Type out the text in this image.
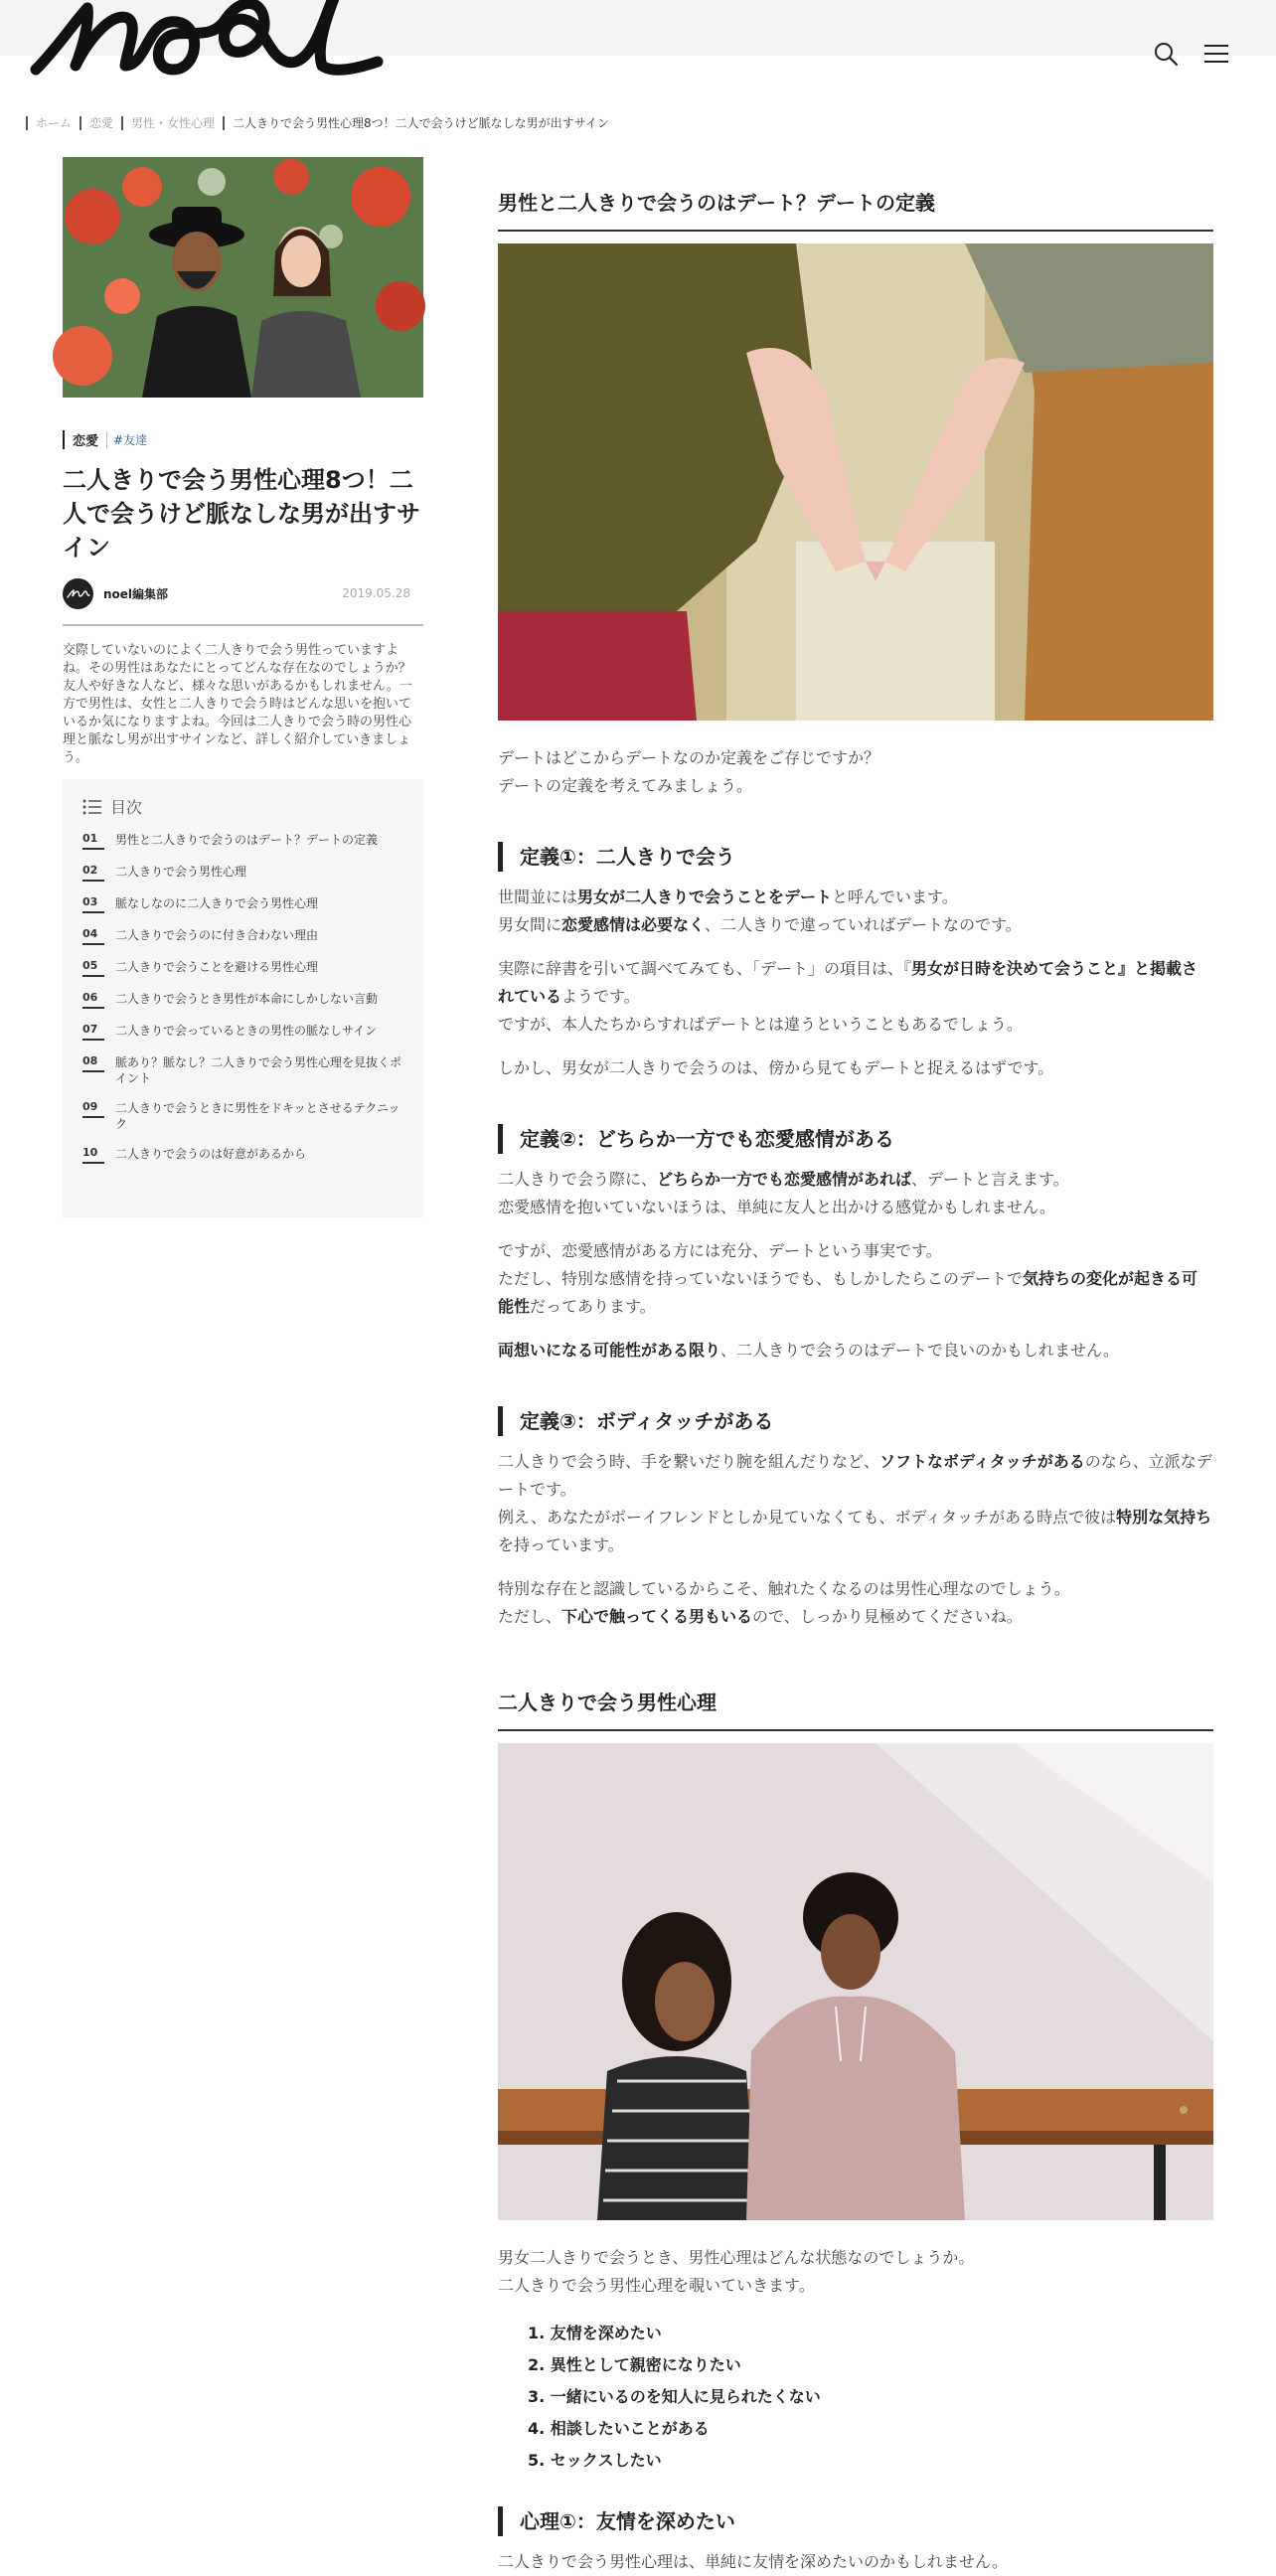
ホーム	恋愛	男性・女性心理	二人きりで会う男性心理8つ！二人で会うけど脈なしな男が出すサイン
恋愛	#友達
二人きりで会う男性心理8つ！二人で会うけど脈なしな男が出すサイン
noel編集部	2019.05.28

交際していないのによく二人きりで会う男性っていますよね。その男性はあなたにとってどんな存在なのでしょうか？友人や好きな人など、様々な思いがあるかもしれません。一方で男性は、女性と二人きりで会う時はどんな思いを抱いているか気になりますよね。今回は二人きりで会う時の男性心理と脈なし男が出すサインなど、詳しく紹介していきましょう。

目次
01	男性と二人きりで会うのはデート？デートの定義
02	二人きりで会う男性心理
03	脈なしなのに二人きりで会う男性心理
04	二人きりで会うのに付き合わない理由
05	二人きりで会うことを避ける男性心理
06	二人きりで会うとき男性が本命にしかしない言動
07	二人きりで会っているときの男性の脈なしサイン
08	脈あり？脈なし？二人きりで会う男性心理を見抜くポイント
09	二人きりで会うときに男性をドキッとさせるテクニック
10	二人きりで会うのは好意があるから
男性と二人きりで会うのはデート？デートの定義

デートはどこからデートなのか定義をご存じですか？

デートの定義を考えてみましょう。

定義①：二人きりで会う

世間並には男女が二人きりで会うことをデートと呼んでいます。

男女間に恋愛感情は必要なく、二人きりで違っていればデートなのです。

実際に辞書を引いて調べてみても、「デート」の項目は、『男女が日時を決めて会うこと』と掲載されているようです。

ですが、本人たちからすればデートとは違うということもあるでしょう。

しかし、男女が二人きりで会うのは、傍から見てもデートと捉えるはずです。

定義②：どちらか一方でも恋愛感情がある

二人きりで会う際に、どちらか一方でも恋愛感情があれば、デートと言えます。

恋愛感情を抱いていないほうは、単純に友人と出かける感覚かもしれません。

ですが、恋愛感情がある方には充分、デートという事実です。

ただし、特別な感情を持っていないほうでも、もしかしたらこのデートで気持ちの変化が起きる可能性だってあります。

両想いになる可能性がある限り、二人きりで会うのはデートで良いのかもしれません。

定義③：ボディタッチがある

二人きりで会う時、手を繋いだり腕を組んだりなど、ソフトなボディタッチがあるのなら、立派なデートです。

例え、あなたがボーイフレンドとしか見ていなくても、ボディタッチがある時点で彼は特別な気持ちを持っています。

特別な存在と認識しているからこそ、触れたくなるのは男性心理なのでしょう。

ただし、下心で触ってくる男もいるので、しっかり見極めてくださいね。

二人きりで会う男性心理

男女二人きりで会うとき、男性心理はどんな状態なのでしょうか。

二人きりで会う男性心理を覗いていきます。

1. 友情を深めたい
2. 異性として親密になりたい
3. 一緒にいるのを知人に見られたくない
4. 相談したいことがある
5. セックスしたい
心理①：友情を深めたい

二人きりで会う男性心理は、単純に友情を深めたいのかもしれません。
